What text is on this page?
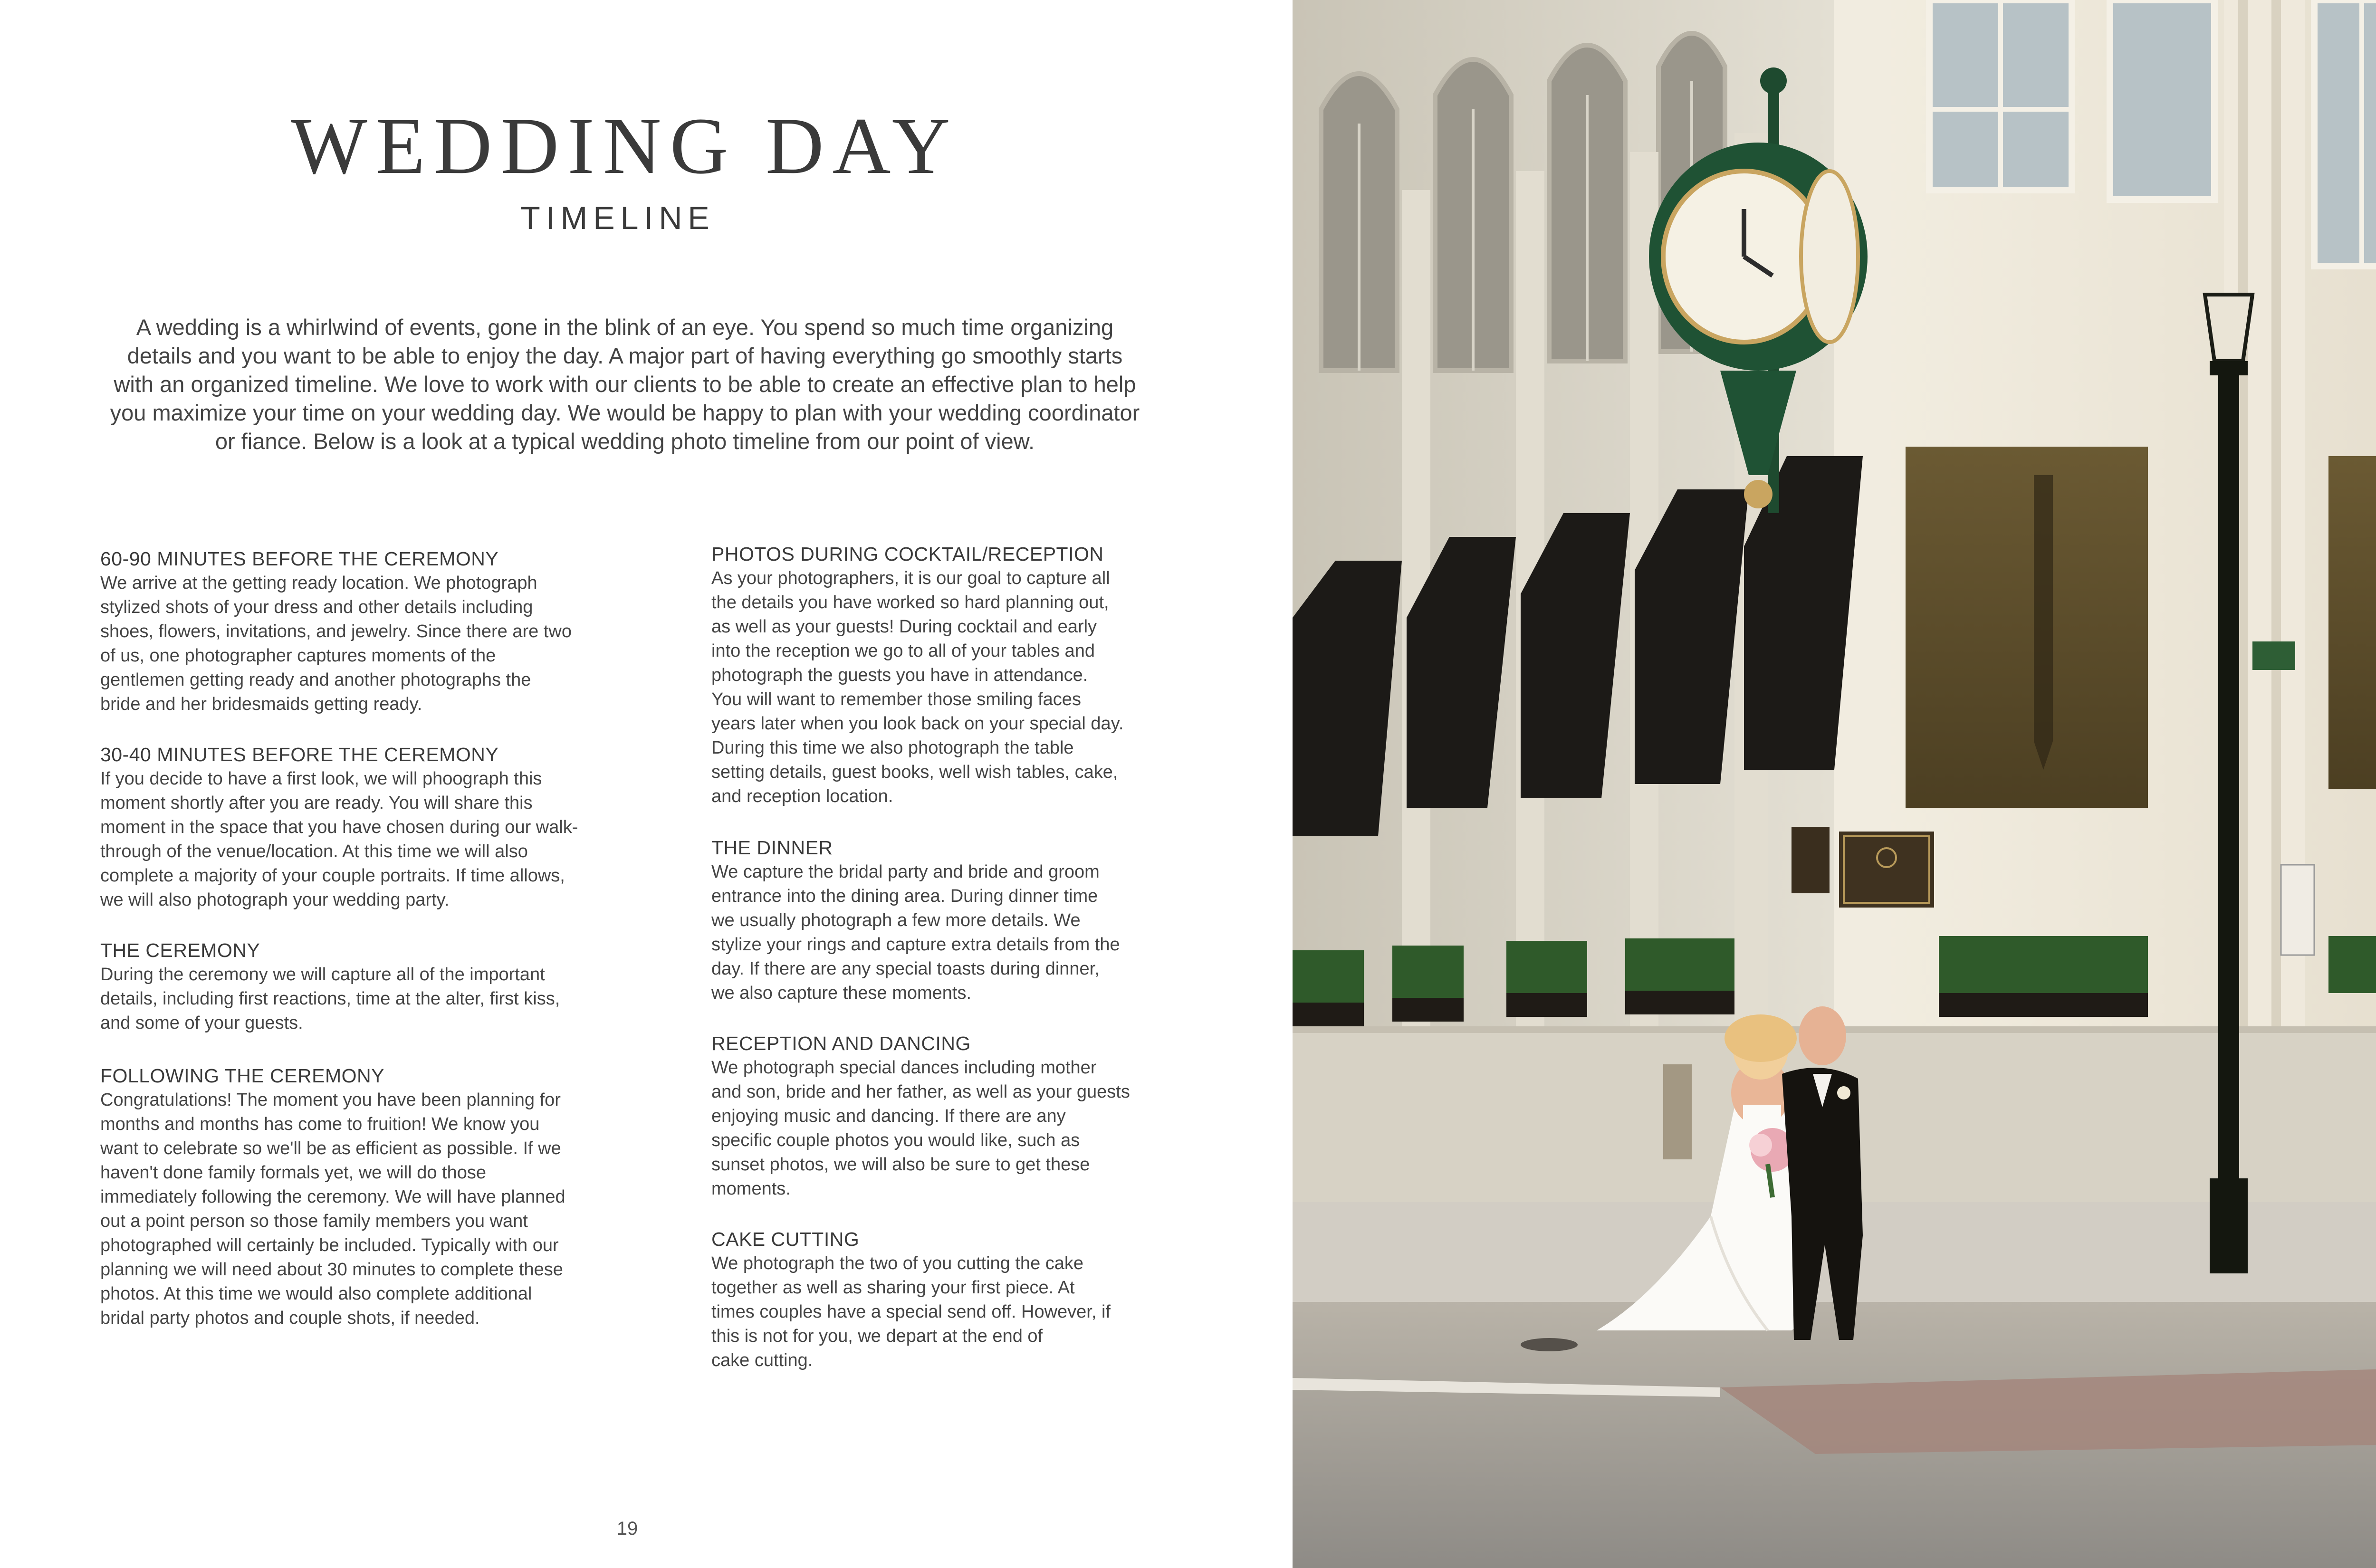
WEDDING DAY
TIMELINE

A wedding is a whirlwind of events, gone in the blink of an eye. You spend so much time organizing details and you want to be able to enjoy the day. A major part of having everything go smoothly starts with an organized timeline. We love to work with our clients to be able to create an effective plan to help you maximize your time on your wedding day. We would be happy to plan with your wedding coordinator or fiance. Below is a look at a typical wedding photo timeline from our point of view.

60-90 MINUTES BEFORE THE CEREMONY

We arrive at the getting ready location. We photograph
stylized shots of your dress and other details including
shoes, flowers, invitations, and jewelry. Since there are two
of us, one photographer captures moments of the
gentlemen getting ready and another photographs the
bride and her bridesmaids getting ready.

30-40 MINUTES BEFORE THE CEREMONY

If you decide to have a first look, we will phoograph this
moment shortly after you are ready. You will share this
moment in the space that you have chosen during our walk-
through of the venue/location. At this time we will also
complete a majority of your couple portraits. If time allows,
we will also photograph your wedding party.

THE CEREMONY

During the ceremony we will capture all of the important
details, including first reactions, time at the alter, first kiss,
and some of your guests.

FOLLOWING THE CEREMONY

Congratulations! The moment you have been planning for
months and months has come to fruition! We know you
want to celebrate so we'll be as efficient as possible. If we
haven't done family formals yet, we will do those
immediately following the ceremony. We will have planned
out a point person so those family members you want
photographed will certainly be included. Typically with our
planning we will need about 30 minutes to complete these
photos. At this time we would also complete additional
bridal party photos and couple shots, if needed.

PHOTOS DURING COCKTAIL/RECEPTION

As your photographers, it is our goal to capture all
the details you have worked so hard planning out,
as well as your guests! During cocktail and early
into the reception we go to all of your tables and
photograph the guests you have in attendance.
You will want to remember those smiling faces
years later when you look back on your special day.
During this time we also photograph the table
setting details, guest books, well wish tables, cake,
and reception location.

THE DINNER

We capture the bridal party and bride and groom
entrance into the dining area. During dinner time
we usually photograph a few more details. We
stylize your rings and capture extra details from the
day. If there are any special toasts during dinner,
we also capture these moments.

RECEPTION AND DANCING

We photograph special dances including mother
and son, bride and her father, as well as your guests
enjoying music and dancing. If there are any
specific couple photos you would like, such as
sunset photos, we will also be sure to get these
moments.

CAKE CUTTING

We photograph the two of you cutting the cake
together as well as sharing your first piece. At
times couples have a special send off. However, if
this is not for you, we depart at the end of
cake cutting.

19
